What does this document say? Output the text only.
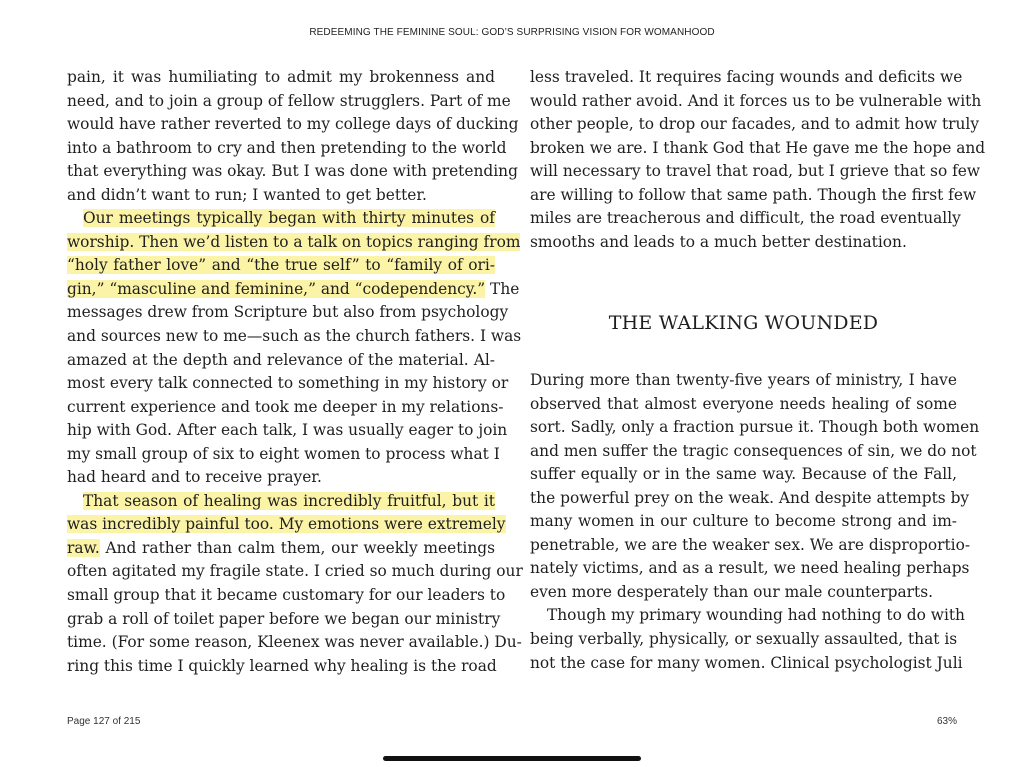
REDEEMING THE FEMININE SOUL: GOD’S SURPRISING VISION FOR WOMANHOOD
pain, it was humiliating to admit my brokenness and
need, and to join a group of fellow strugglers. Part of me
would have rather reverted to my college days of ducking
into a bathroom to cry and then pretending to the world
that everything was okay. But I was done with pretending
and didn’t want to run; I wanted to get better.
Our meetings typically began with thirty minutes of
worship. Then we’d listen to a talk on topics ranging from
“holy father love” and “the true self” to “family of ori-
gin,” “masculine and feminine,” and “codependency.” The
messages drew from Scripture but also from psychology
and sources new to me—such as the church fathers. I was
amazed at the depth and relevance of the material. Al-
most every talk connected to something in my history or
current experience and took me deeper in my relations-
hip with God. After each talk, I was usually eager to join
my small group of six to eight women to process what I
had heard and to receive prayer.
That season of healing was incredibly fruitful, but it
was incredibly painful too. My emotions were extremely
raw. And rather than calm them, our weekly meetings
often agitated my fragile state. I cried so much during our
small group that it became customary for our leaders to
grab a roll of toilet paper before we began our ministry
time. (For some reason, Kleenex was never available.) Du-
ring this time I quickly learned why healing is the road
less traveled. It requires facing wounds and deficits we
would rather avoid. And it forces us to be vulnerable with
other people, to drop our facades, and to admit how truly
broken we are. I thank God that He gave me the hope and
will necessary to travel that road, but I grieve that so few
are willing to follow that same path. Though the first few
miles are treacherous and difficult, the road eventually
smooths and leads to a much better destination.
THE WALKING WOUNDED
During more than twenty-five years of ministry, I have
observed that almost everyone needs healing of some
sort. Sadly, only a fraction pursue it. Though both women
and men suffer the tragic consequences of sin, we do not
suffer equally or in the same way. Because of the Fall,
the powerful prey on the weak. And despite attempts by
many women in our culture to become strong and im-
penetrable, we are the weaker sex. We are disproportio-
nately victims, and as a result, we need healing perhaps
even more desperately than our male counterparts.
Though my primary wounding had nothing to do with
being verbally, physically, or sexually assaulted, that is
not the case for many women. Clinical psychologist Juli
Page 127 of 215	63%
